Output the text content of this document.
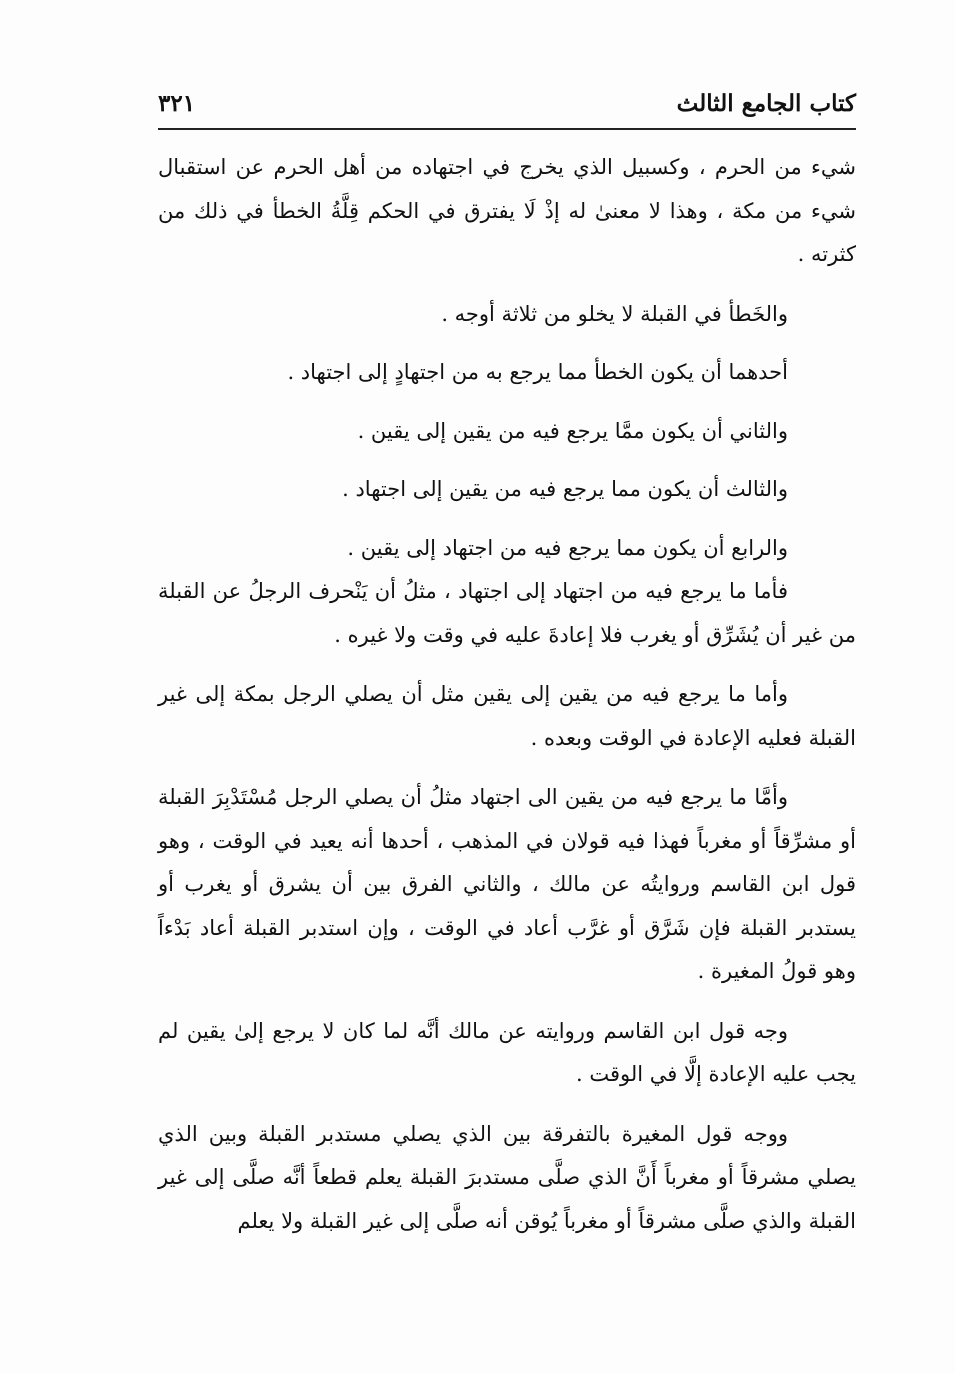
كتاب الجامع الثالث
٣٢١

شيء من الحرم ، وكسبيل الذي يخرج في اجتهاده من أهل الحرم عن استقبال شيء من مكة ، وهذا لا معنىٰ له إذْ لَا يفترق في الحكم قِلَّةُ الخطأ في ذلك من كثرته .

والخَطأ في القبلة لا يخلو من ثلاثة أوجه .

أحدهما أن يكون الخطأ مما يرجع به من اجتهادٍ إلى اجتهاد .

والثاني أن يكون ممَّا يرجع فيه من يقين إلى يقين .

والثالث أن يكون مما يرجع فيه من يقين إلى اجتهاد .

والرابع أن يكون مما يرجع فيه من اجتهاد إلى يقين .

فأما ما يرجع فيه من اجتهاد إلى اجتهاد ، مثلُ أن يَنْحرف الرجلُ عن القبلة من غير أن يُشَرِّق أو يغرب فلا إعادةَ عليه في وقت ولا غيره .

وأما ما يرجع فيه من يقين إلى يقين مثل أن يصلي الرجل بمكة إلى غير القبلة فعليه الإعادة في الوقت وبعده .

وأمَّا ما يرجع فيه من يقين الى اجتهاد مثلُ أن يصلي الرجل مُسْتَدْبِرَ القبلة أو مشرِّقاً أو مغرباً فهذا فيه قولان في المذهب ، أحدها أنه يعيد في الوقت ، وهو قول ابن القاسم وروايتُه عن مالك ، والثاني الفرق بين أن يشرق أو يغرب أو يستدبر القبلة فإن شَرَّق أو غرَّب أعاد في الوقت ، وإن استدبر القبلة أعاد بَدْءاً وهو قولُ المغيرة .

وجه قول ابن القاسم وروايته عن مالك أنَّه لما كان لا يرجع إلىٰ يقين لم يجب عليه الإعادة إلَّا في الوقت .

ووجه قول المغيرة بالتفرقة بين الذي يصلي مستدبر القبلة وبين الذي يصلي مشرقاً أو مغرباً أَنَّ الذي صلَّى مستدبرَ القبلة يعلم قطعاً أنَّه صلَّى إلى غير القبلة والذي صلَّى مشرقاً أو مغرباً يُوقن أنه صلَّى إلى غير القبلة ولا يعلم
